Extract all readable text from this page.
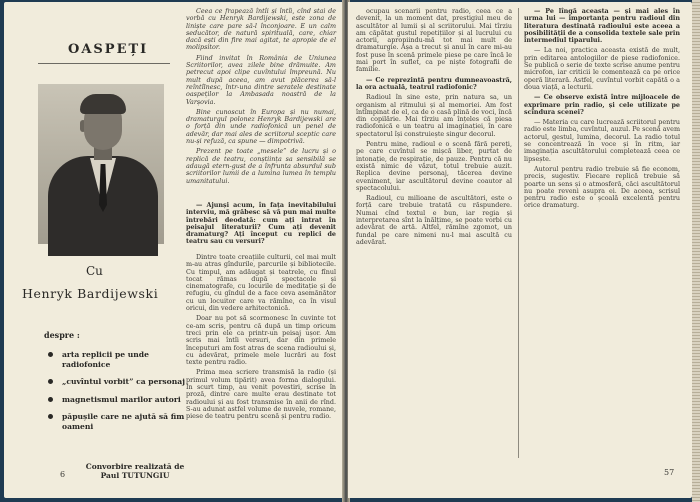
OASPEȚI

Cu

Henryk Bardijewski

despre :

arta replicii pe unde radiofonice
„cuvîntul vorbit” ca personaj
magnetismul marilor autori
păpușile care ne ajută să fim oameni

Convorbire realizată de
Paul TUTUNGIU

6

Ceea ce frapează întîi și întîi, cînd stai de vorbă cu Henryk Bardijewski, este zona de liniște care pare să-l înconjoare. E un calm seducător, de natură spirituală, care, chiar dacă ești din fire mai agitat, te apropie de el molipsitor.

Fiind invitat în România de Uniunea Scriitorilor, avea zilele bine drămuite. Am petrecut apoi clipe cuvîntului împreună. Nu mult după aceea, am avut plăcerea să-l reîntîlnesc, într-una dintre seratele destinate oaspeților la Ambasada noastră de la Varșovia.

Bine cunoscut în Europa și nu numai, dramaturgul polonez Henryk Bardijewski are o forță din unde radiofonică un penel de adevăr, dar mai ales de scriitorul sceptic care nu-și refuză, ca spune — dimpotrivă.

Prezent pe toate „mesele” de lucru și o replică de teatru, conștiința sa sensibilă se adaugă etern-gust de a înfrunta absurdul sub scriitorilor lumii de a lumina lumea în templu umanitatului.

— Ajunși acum, în fața inevitabilului interviu, mă grăbesc să vă pun mai multe întrebări deodată: cum ați intrat în peisajul literaturii? Cum ați devenit dramaturg? Ați început cu replici de teatru sau cu versuri?

Dintre toate creațiile culturii, cel mai mult m-au atras gîndurile, parcurile și bibliotecile. Cu timpul, am adăugat și teatrele, cu fînul tocat rămas după spectacole și cinematografe, cu locurile de meditație și de refugiu, cu gîndul de a face ceva asemănător cu un locuitor care va rămîne, ca în visul oricui, din vedere arhitectonică.

Doar nu pot să scormonesc în cuvinte tot ce-am scris, pentru că după un timp oricum treci prin ele ca printr-un peisaj ușor. Am scris mai întîi versuri, dar din primele începuturi am fost atras de scena radioului și, cu adevărat, primele mele lucrări au fost texte pentru radio.

Prima mea scriere transmisă la radio (și primul volum tipărit) avea forma dialogului. În scurt timp, au venit povestiri, scrise în proză, dintre care multe erau destinate tot radioului și au fost transmise în anii de rînd. S-au adunat astfel volume de nuvele, romane, piese de teatru pentru scenă și pentru radio.

ocupau scenarii pentru radio, ceea ce a devenit, la un moment dat, prestigiul meu de ascultător al lumii și al scriitorului. Mai tîrziu am căpătat gustul repetițiilor și al lucrului cu actorii, apropiindu-mă tot mai mult de dramaturgie. Așa a trecut și anul în care mi-au fost puse în scenă primele piese pe care încă le mai port în suflet, ca pe niște fotografii de familie.

— Ce reprezintă pentru dumneavoastră, la ora actuală, teatrul radiofonic?

Radioul în sine este, prin natura sa, un organism al ritmului și al memoriei. Am fost întîmpinat de el, ca de o casă plină de voci, încă din copilărie. Mai tîrziu am înțeles că piesa radiofonică e un teatru al imaginației, în care spectatorul își construiește singur decorul.

Pentru mine, radioul e o scenă fără pereți, pe care cuvîntul se mișcă liber, purtat de intonație, de respirație, de pauze. Pentru că nu există nimic de văzut, totul trebuie auzit. Replica devine personaj, tăcerea devine eveniment, iar ascultătorul devine coautor al spectacolului.

Radioul, cu milioane de ascultători, este o forță care trebuie tratată cu răspundere. Numai cînd textul e bun, iar regia și interpretarea sînt la înălțime, se poate vorbi cu adevărat de artă. Altfel, rămîne zgomot, un fundal pe care nimeni nu-l mai ascultă cu adevărat.

— Pe lîngă aceasta — și mai ales în urma lui — importanța pentru radioul din literatura destinată radioului este aceea a posibilității de a consolida textele sale prin intermediul tiparului.

— La noi, practica aceasta există de mult, prin editarea antologiilor de piese radiofonice. Se publică o serie de texte scrise anume pentru microfon, iar criticii le comentează ca pe orice operă literară. Astfel, cuvîntul vorbit capătă o a doua viață, a lecturii.

— Ce observe există între mijloacele de exprimare prin radio, și cele utilizate pe scîndura scenei?

— Materia cu care lucrează scriitorul pentru radio este limba, cuvîntul, auzul. Pe scenă avem actorul, gestul, lumina, decorul. La radio totul se concentrează în voce și în ritm, iar imaginația ascultătorului completează ceea ce lipsește.

Autorul pentru radio trebuie să fie econom, precis, sugestiv. Fiecare replică trebuie să poarte un sens și o atmosferă, căci ascultătorul nu poate reveni asupra ei. De aceea, scrisul pentru radio este o școală excelentă pentru orice dramaturg.

57
